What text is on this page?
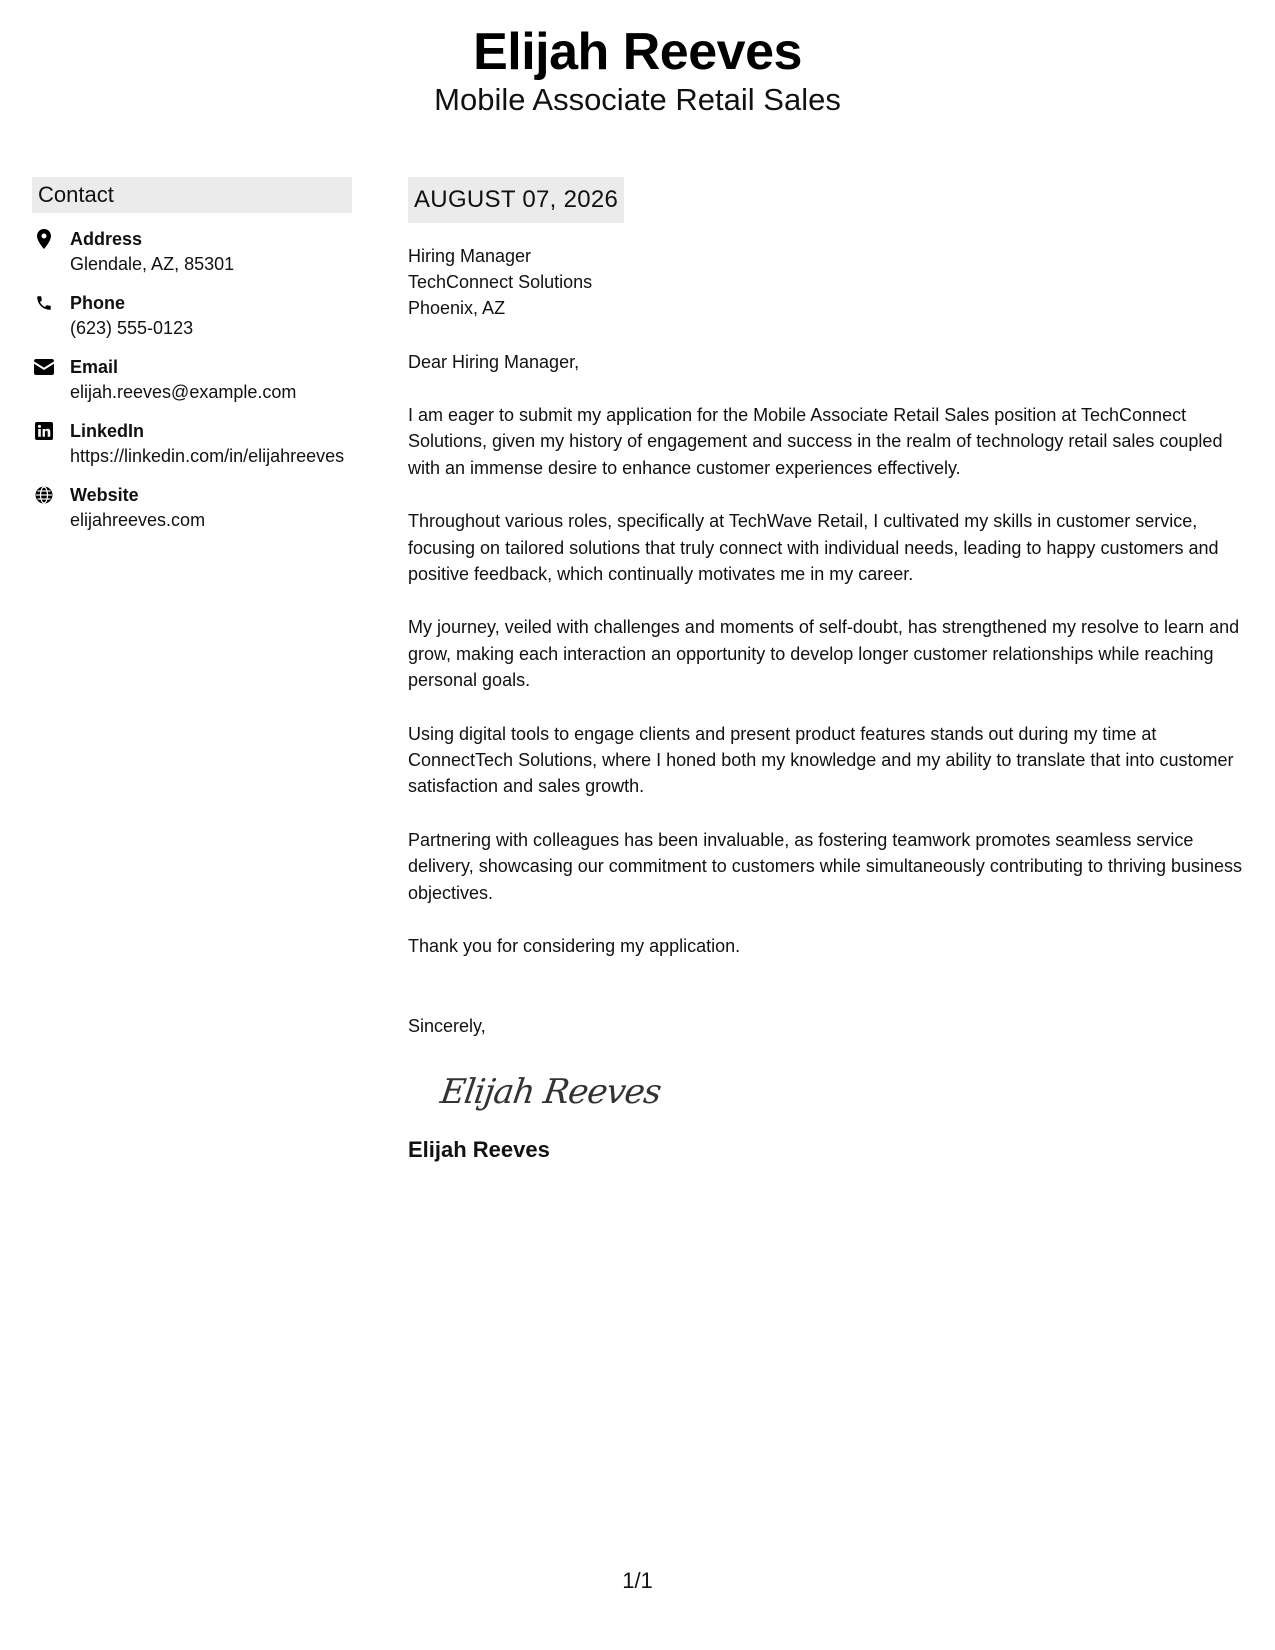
Elijah Reeves
Mobile Associate Retail Sales
Contact
Address
Glendale, AZ, 85301
Phone
(623) 555-0123
Email
elijah.reeves@example.com
LinkedIn
https://linkedin.com/in/elijahreeves
Website
elijahreeves.com
AUGUST 07, 2026
Hiring Manager
TechConnect Solutions
Phoenix, AZ
Dear Hiring Manager,
I am eager to submit my application for the Mobile Associate Retail Sales position at TechConnect Solutions, given my history of engagement and success in the realm of technology retail sales coupled with an immense desire to enhance customer experiences effectively.
Throughout various roles, specifically at TechWave Retail, I cultivated my skills in customer service, focusing on tailored solutions that truly connect with individual needs, leading to happy customers and positive feedback, which continually motivates me in my career.
My journey, veiled with challenges and moments of self-doubt, has strengthened my resolve to learn and grow, making each interaction an opportunity to develop longer customer relationships while reaching personal goals.
Using digital tools to engage clients and present product features stands out during my time at ConnectTech Solutions, where I honed both my knowledge and my ability to translate that into customer satisfaction and sales growth.
Partnering with colleagues has been invaluable, as fostering teamwork promotes seamless service delivery, showcasing our commitment to customers while simultaneously contributing to thriving business objectives.
Thank you for considering my application.
Sincerely,
Elijah Reeves
Elijah Reeves
1/1
